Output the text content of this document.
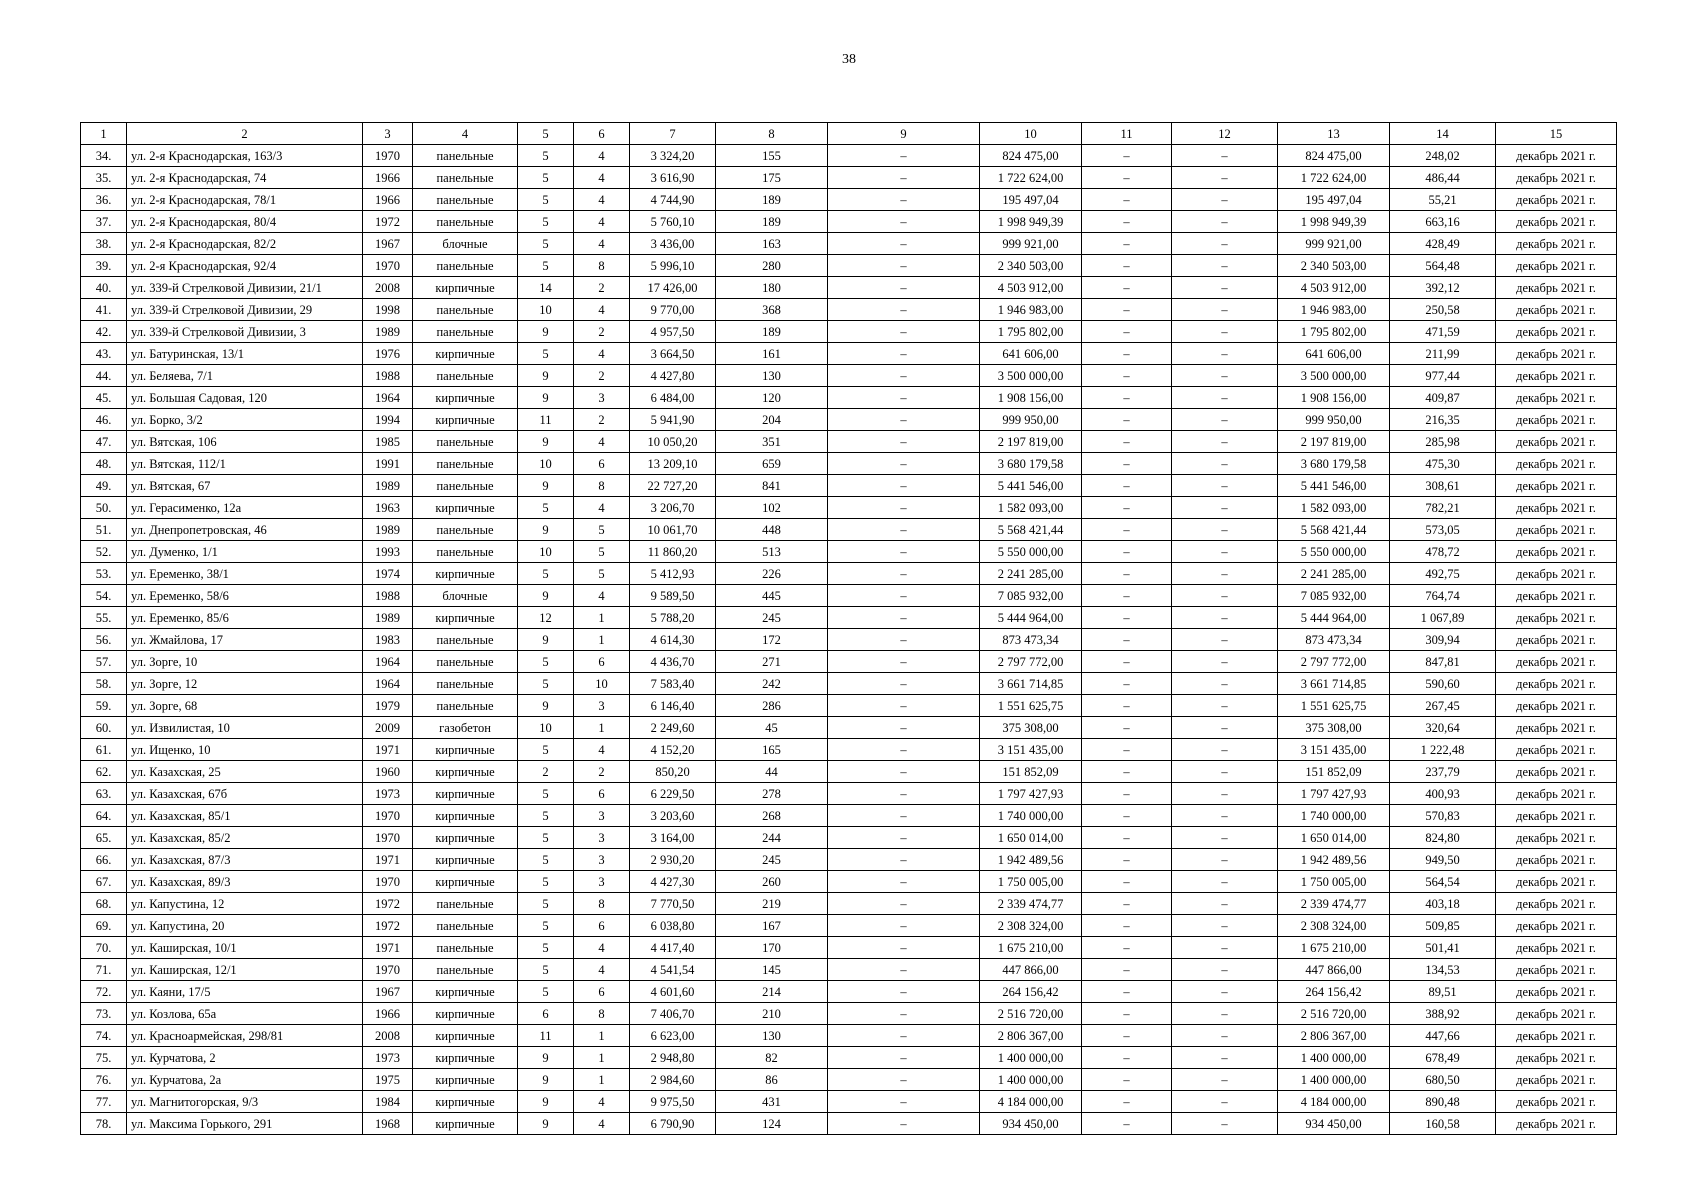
38
1	2	3	4	5	6	7	8	9	10	11	12	13	14	15
34.	ул. 2-я Краснодарская, 163/3	1970	панельные	5	4	3 324,20	155	–	824 475,00	–	–	824 475,00	248,02	декабрь 2021 г.
35.	ул. 2-я Краснодарская, 74	1966	панельные	5	4	3 616,90	175	–	1 722 624,00	–	–	1 722 624,00	486,44	декабрь 2021 г.
36.	ул. 2-я Краснодарская, 78/1	1966	панельные	5	4	4 744,90	189	–	195 497,04	–	–	195 497,04	55,21	декабрь 2021 г.
37.	ул. 2-я Краснодарская, 80/4	1972	панельные	5	4	5 760,10	189	–	1 998 949,39	–	–	1 998 949,39	663,16	декабрь 2021 г.
38.	ул. 2-я Краснодарская, 82/2	1967	блочные	5	4	3 436,00	163	–	999 921,00	–	–	999 921,00	428,49	декабрь 2021 г.
39.	ул. 2-я Краснодарская, 92/4	1970	панельные	5	8	5 996,10	280	–	2 340 503,00	–	–	2 340 503,00	564,48	декабрь 2021 г.
40.	ул. 339-й Стрелковой Дивизии, 21/1	2008	кирпичные	14	2	17 426,00	180	–	4 503 912,00	–	–	4 503 912,00	392,12	декабрь 2021 г.
41.	ул. 339-й Стрелковой Дивизии, 29	1998	панельные	10	4	9 770,00	368	–	1 946 983,00	–	–	1 946 983,00	250,58	декабрь 2021 г.
42.	ул. 339-й Стрелковой Дивизии, 3	1989	панельные	9	2	4 957,50	189	–	1 795 802,00	–	–	1 795 802,00	471,59	декабрь 2021 г.
43.	ул. Батуринская, 13/1	1976	кирпичные	5	4	3 664,50	161	–	641 606,00	–	–	641 606,00	211,99	декабрь 2021 г.
44.	ул. Беляева, 7/1	1988	панельные	9	2	4 427,80	130	–	3 500 000,00	–	–	3 500 000,00	977,44	декабрь 2021 г.
45.	ул. Большая Садовая, 120	1964	кирпичные	9	3	6 484,00	120	–	1 908 156,00	–	–	1 908 156,00	409,87	декабрь 2021 г.
46.	ул. Борко, 3/2	1994	кирпичные	11	2	5 941,90	204	–	999 950,00	–	–	999 950,00	216,35	декабрь 2021 г.
47.	ул. Вятская, 106	1985	панельные	9	4	10 050,20	351	–	2 197 819,00	–	–	2 197 819,00	285,98	декабрь 2021 г.
48.	ул. Вятская, 112/1	1991	панельные	10	6	13 209,10	659	–	3 680 179,58	–	–	3 680 179,58	475,30	декабрь 2021 г.
49.	ул. Вятская, 67	1989	панельные	9	8	22 727,20	841	–	5 441 546,00	–	–	5 441 546,00	308,61	декабрь 2021 г.
50.	ул. Герасименко, 12а	1963	кирпичные	5	4	3 206,70	102	–	1 582 093,00	–	–	1 582 093,00	782,21	декабрь 2021 г.
51.	ул. Днепропетровская, 46	1989	панельные	9	5	10 061,70	448	–	5 568 421,44	–	–	5 568 421,44	573,05	декабрь 2021 г.
52.	ул. Думенко, 1/1	1993	панельные	10	5	11 860,20	513	–	5 550 000,00	–	–	5 550 000,00	478,72	декабрь 2021 г.
53.	ул. Еременко, 38/1	1974	кирпичные	5	5	5 412,93	226	–	2 241 285,00	–	–	2 241 285,00	492,75	декабрь 2021 г.
54.	ул. Еременко, 58/6	1988	блочные	9	4	9 589,50	445	–	7 085 932,00	–	–	7 085 932,00	764,74	декабрь 2021 г.
55.	ул. Еременко, 85/6	1989	кирпичные	12	1	5 788,20	245	–	5 444 964,00	–	–	5 444 964,00	1 067,89	декабрь 2021 г.
56.	ул. Жмайлова, 17	1983	панельные	9	1	4 614,30	172	–	873 473,34	–	–	873 473,34	309,94	декабрь 2021 г.
57.	ул. Зорге, 10	1964	панельные	5	6	4 436,70	271	–	2 797 772,00	–	–	2 797 772,00	847,81	декабрь 2021 г.
58.	ул. Зорге, 12	1964	панельные	5	10	7 583,40	242	–	3 661 714,85	–	–	3 661 714,85	590,60	декабрь 2021 г.
59.	ул. Зорге, 68	1979	панельные	9	3	6 146,40	286	–	1 551 625,75	–	–	1 551 625,75	267,45	декабрь 2021 г.
60.	ул. Извилистая, 10	2009	газобетон	10	1	2 249,60	45	–	375 308,00	–	–	375 308,00	320,64	декабрь 2021 г.
61.	ул. Ищенко, 10	1971	кирпичные	5	4	4 152,20	165	–	3 151 435,00	–	–	3 151 435,00	1 222,48	декабрь 2021 г.
62.	ул. Казахская, 25	1960	кирпичные	2	2	850,20	44	–	151 852,09	–	–	151 852,09	237,79	декабрь 2021 г.
63.	ул. Казахская, 67б	1973	кирпичные	5	6	6 229,50	278	–	1 797 427,93	–	–	1 797 427,93	400,93	декабрь 2021 г.
64.	ул. Казахская, 85/1	1970	кирпичные	5	3	3 203,60	268	–	1 740 000,00	–	–	1 740 000,00	570,83	декабрь 2021 г.
65.	ул. Казахская, 85/2	1970	кирпичные	5	3	3 164,00	244	–	1 650 014,00	–	–	1 650 014,00	824,80	декабрь 2021 г.
66.	ул. Казахская, 87/3	1971	кирпичные	5	3	2 930,20	245	–	1 942 489,56	–	–	1 942 489,56	949,50	декабрь 2021 г.
67.	ул. Казахская, 89/3	1970	кирпичные	5	3	4 427,30	260	–	1 750 005,00	–	–	1 750 005,00	564,54	декабрь 2021 г.
68.	ул. Капустина, 12	1972	панельные	5	8	7 770,50	219	–	2 339 474,77	–	–	2 339 474,77	403,18	декабрь 2021 г.
69.	ул. Капустина, 20	1972	панельные	5	6	6 038,80	167	–	2 308 324,00	–	–	2 308 324,00	509,85	декабрь 2021 г.
70.	ул. Каширская, 10/1	1971	панельные	5	4	4 417,40	170	–	1 675 210,00	–	–	1 675 210,00	501,41	декабрь 2021 г.
71.	ул. Каширская, 12/1	1970	панельные	5	4	4 541,54	145	–	447 866,00	–	–	447 866,00	134,53	декабрь 2021 г.
72.	ул. Каяни, 17/5	1967	кирпичные	5	6	4 601,60	214	–	264 156,42	–	–	264 156,42	89,51	декабрь 2021 г.
73.	ул. Козлова, 65а	1966	кирпичные	6	8	7 406,70	210	–	2 516 720,00	–	–	2 516 720,00	388,92	декабрь 2021 г.
74.	ул. Красноармейская, 298/81	2008	кирпичные	11	1	6 623,00	130	–	2 806 367,00	–	–	2 806 367,00	447,66	декабрь 2021 г.
75.	ул. Курчатова, 2	1973	кирпичные	9	1	2 948,80	82	–	1 400 000,00	–	–	1 400 000,00	678,49	декабрь 2021 г.
76.	ул. Курчатова, 2а	1975	кирпичные	9	1	2 984,60	86	–	1 400 000,00	–	–	1 400 000,00	680,50	декабрь 2021 г.
77.	ул. Магнитогорская, 9/3	1984	кирпичные	9	4	9 975,50	431	–	4 184 000,00	–	–	4 184 000,00	890,48	декабрь 2021 г.
78.	ул. Максима Горького, 291	1968	кирпичные	9	4	6 790,90	124	–	934 450,00	–	–	934 450,00	160,58	декабрь 2021 г.
